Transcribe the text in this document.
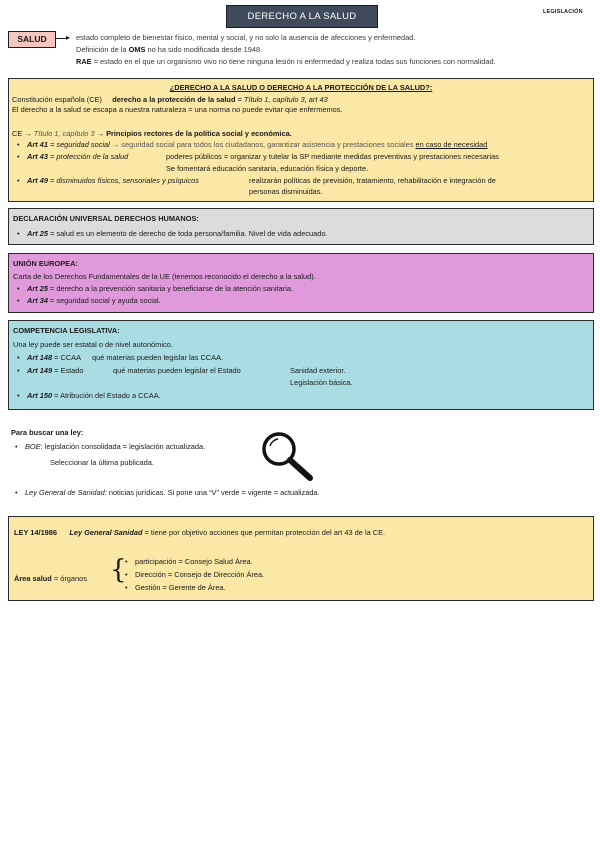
DERECHO A LA SALUD	LEGISLACIÓN
SALUD	▸ estado completo de bienestar físico, mental y social, y no solo la ausencia de afecciones y enfermedad.
Definición de la OMS no ha sido modificada desde 1948
RAE = estado en el que un organismo vivo no tiene ninguna lesión ni enfermedad y realiza todas sus funciones con normalidad.
¿DERECHO A LA SALUD O DERECHO A LA PROTECCIÓN DE LA SALUD?:
Constitución española (CE) derecho a la protección de la salud = Título 1, capítulo 3, art 43
El derecho a la salud se escapa a nuestra naturaleza = una norma no puede evitar que enfermemos.
CE → Título 1, capítulo 3 → Principios rectores de la política social y económica.
• Art 41 = seguridad social → seguridad social para todos los ciudadanos, garantizar asistencia y prestaciones sociales en caso de necesidad
• Art 43 = protección de la salud	poderes públicos = organizar y tutelar la SP mediante medidas preventivas y prestaciones necesarias
Se fomentará educación sanitaria, educación física y deporte.
• Art 49 = disminuidos físicos, sensoriales y psíquicos	realizarán políticas de previsión, tratamiento, rehabilitación e integración de
personas disminuidas.
DECLARACIÓN UNIVERSAL DERECHOS HUMANOS:
• Art 25 = salud es un elemento de derecho de toda persona/familia. Nivel de vida adecuado.
UNIÓN EUROPEA:
Carta de los Derechos Fundamentales de la UE (tenemos reconocido el derecho a la salud).
• Art 25 = derecho a la prevención sanitaria y beneficiarse de la atención sanitaria.
• Art 34 = seguridad social y ayuda social.
COMPETENCIA LEGISLATIVA:
Una ley puede ser estatal o de nivel autonómico.
• Art 148 = CCAA qué materias pueden legislar las CCAA.
• Art 149 = Estado	qué materias pueden legislar el Estado	Sanidad exterior.
Legislación básica.
• Art 150 = Atribución del Estado a CCAA.
Para buscar una ley:
• BOE: legislación consolidada = legislación actualizada.
Seleccionar la última publicada.
• Ley General de Sanidad: noticias jurídicas. Si pone una “V” verde = vigente = actualizada.
LEY 14/1986 Ley General Sanidad = tiene por objetivo acciones que permitan protección del art 43 de la CE.
Área salud = órganos {
• participación = Consejo Salud Área.
• Dirección = Consejo de Dirección Área.
• Gestión = Gerente de Área.
